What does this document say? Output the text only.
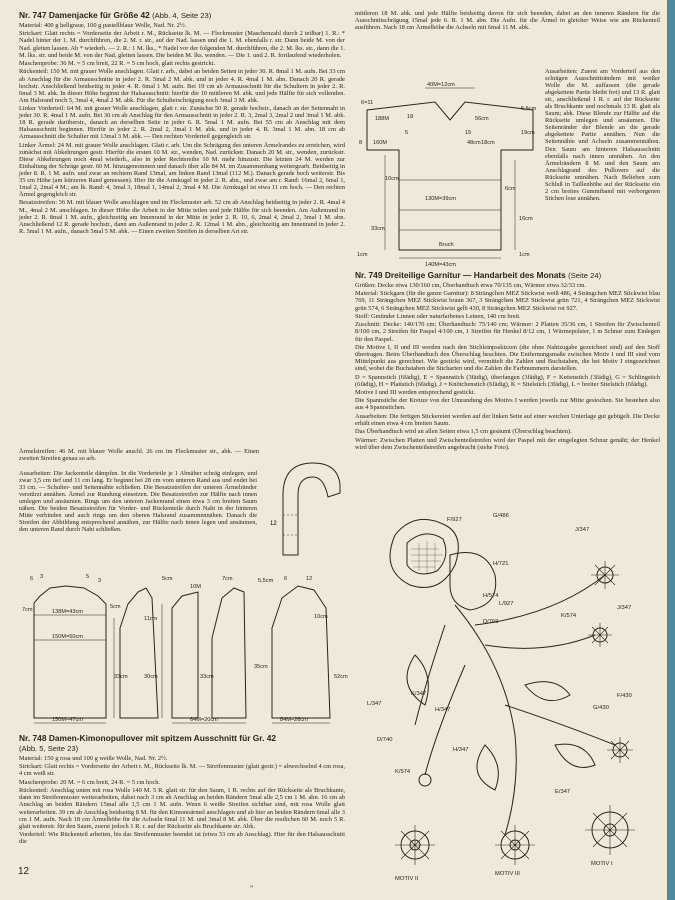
Nr. 747 Damenjacke für Größe 42 (Abb. 4, Seite 23)

Material: 400 g hellgraue, 100 g pastellblaue Wolle, Nad. Nr. 2½.

Strickart: Glatt rechts = Vorderseite der Arbeit r. M., Rückseite lk. M. — Fleckmuster (Maschenzahl durch 2 teilbar) 1. R.: * Nadel hinter der 1. M. durchführen, die 2. M. r. str., auf der Nad. lassen und die 1. M. ebenfalls r. str. Dann beide M. von der Nad. gleiten lassen. Ab * wiederh. — 2. R.: 1 M. lks., * Nadel vor der folgenden M. durchführen, die 2. M. lks. str., dann die 1. M. lks. str. und beide M. von der Nad. gleiten lassen. Die beiden M. lks. wenden. — Die 1. und 2. R. fortlaufend wiederholen.

Maschenprobe: 36 M. = 5 cm breit, 22 R. = 5 cm hoch, glatt rechts gestrickt.

Rückenteil: 150 M. mit grauer Wolle anschlagen. Glatt r. arb., dabei an beiden Seiten in jeder 30. R. 8mal 1 M. aufn. Bei 33 cm ab Anschlag für die Armausschnitte in jeder 2. R. 5mal 2 M. abk. und in jeder 4. R. 4mal 1 M. abn. Danach 20 R. gerade hochstr. Anschließend beidseitig in jeder 4. R. 6mal 1 M. aufn. Bei 19 cm ab Armausschnitt für die Schultern in jeder 2. R. 6mal 3 M. abk. In dieser Höhe beginnt der Halsausschnitt: hierfür die 10 mittleren M. abk. und jede Hälfte für sich vollenden. Am Halsrand noch 5, 3mal 4, 4mal 2 M. abk. Für die Schulterschrägung noch 3mal 3 M. abk.

Linker Vorderteil: 64 M. mit grauer Wolle anschlagen, glatt r. str. Zunächst 50 R. gerade hochstr., danach an der Seitennaht in jeder 30. R. 4mal 1 M. aufn. Bei 30 cm ab Anschlag für den Armausschnitt in jeder 2. R. 3, 2mal 3, 2mal 2 und 3mal 1 M. abk. 18 R. gerade darüberstr., danach an derselben Seite in jeder 6. R. 5mal 1 M. aufn. Bei 55 cm ab Anschlag mit dem Halsausschnitt beginnen. Hierfür in jeder 2. R. 2mal 2, 3mal 1 M. abk. und in jeder 4. R. 3mal 1 M. abn. 18 cm ab Armausschnitt die Schulter mit 13mal 3 M. abk. — Den rechten Vorderteil gegengleich str.

Linker Ärmel: 24 M. mit grauer Wolle anschlagen. Glatt r. arb. Um die Schrägung des unteren Ärmelrandes zu erreichen, wird zunächst mit Abkehrungen gestr. Hierfür die ersten 10 M. str., wenden, Nad. zurückstr. Danach 20 M. str., wenden, zurückstr. Diese Abkehrungen noch 4mal wiederh., also in jeder Rechtsreihe 10 M. mehr hinzustr. Die letzten 24 M. werden zur Einhaltung der Schräge gestr. 60 M. hinzugenommen und danach über alle 84 M. im Zusammenhang weitergearb. Beidseitig in jeder 8. R. 1 M. aufn. und zwar an rechtem Rand 13mal, am linken Rand 13mal (112 M.). Danach gerade hoch weiterstr. Bis 35 cm Höhe (am kürzeren Rand gemessen). Hier für die Armkugel in jeder 2. R. abn., und zwar am r. Rand: 16mal 2, 6mal 1, 1mal 2, 2mal 4 M.; am lk. Rand: 4, 3mal 3, 18mal 1, 14mal 2, 3mal 4 M. Die Armkugel ist etwa 11 cm hoch. — Den rechten Ärmel gegengleich str.

Besatzstreifen: 36 M. mit blauer Wolle anschlagen und im Fleckmuster arb. 52 cm ab Anschlag beidseitig in jeder 2. R. 4mal 4 M., 4mal 2 M. anschlagen. In dieser Höhe die Arbeit in der Mitte teilen und jede Hälfte für sich beenden. Am Außenrand in jeder 2. R. 8mal 1 M. aufn., gleichzeitig am Innenrand in der Mitte in jeder 2. R. 10, 6, 2mal 4, 2mal 2, 3mal 1 M. abn. Anschließend 12 R. gerade hochstr., dann am Außenrand in jeder 2. R. 12mal 1 M. abn., gleichzeitig am Innenrand in jeder 2. R. 5mal 1 M. aufn., danach 5mal 5 M. abk. — Einen zweiten Streifen in derselben Art str.

Ärmelstreifen: 46 M. mit blauer Wolle anschl. 26 cm im Fleckmuster str., abk. — Einen zweiten Streifen genau so arb.

Ausarbeiten: Die Jackenteile dämpfen. In die Vorderteile je 1 Abnäher schräg einlegen, und zwar 3,5 cm tief und 11 cm lang. Er beginnt bei 28 cm vom unteren Rand aus und endet bei 33 cm. — Schulter- und Seitennähte schließen. Die Besatzstreifen der unteren Ärmelränder verstürzt annähen. Ärmel zur Rundung einsetzen. Die Besatzstreifen zur Hälfte nach innen umlegen und ansäumen. Rings um den unteren Jackenrand einen etwa 3 cm breiten Saum nähen. Die beiden Besatzstreifen für Vorder- und Rückenteile durch Naht in der hinteren Mitte verbinden und auch rings um den oberen Halsrand zusammennähen. Danach die Streifen der Abbildung entsprechend annähen, zur Hälfte nach innen legen und ansäumen, den unteren Rand durch Naht schließen.

12
6 3	5
3
7cm	138M=43cm
150M=50cm
5cm
33cm
11cm
30cm
150M=47cm
5cm
10M
33cm
7cm
64M=20cm
5,5cm 6	12
35cm
10cm
84M=26cm
52cm
Nr. 748 Damen-Kimonopullover mit spitzem Ausschnitt für Gr. 42
(Abb. 5, Seite 23)

Material: 150 g rosa und 100 g weiße Wolle, Nad. Nr. 2½.

Strickart: Glatt rechts = Vorderseite der Arbeit r. M., Rückseite lk. M. — Streifenmuster (glatt gestr.) = abwechselnd 4 cm rosa, 4 cm weiß str.

Maschenprobe: 20 M. = 6 cm breit, 24 R. = 5 cm hoch.

Rückenteil: Anschlag unten mit rosa Wolle 140 M. 5 R. glatt str. für den Saum, 1 R. rechts auf der Rückseite als Bruchkante, dann im Streifenmuster weiterarbeiten, dabei nach 3 cm ab Anschlag an beiden Rändern 5mal alle 2,5 cm 1 M. abn. 16 cm ab Anschlag an beiden Rändern 15mal alle 1,5 cm 1 M. aufn. Wenn 6 weiße Streifen sichtbar sind, mit rosa Wolle glatt weiterarbeiten. 39 cm ab Anschlag beidseitig 8 M. für den Kimonoärmel anschlagen und ab hier an beiden Rändern 6mal alle 3 cm 1 M. aufn. Nach 18 cm Ärmelhöhe für die Achseln 6mal 11 M. und 3mal 8 M. abk. Über die restlichen 60 M. noch 5 R. glatt weiterstr. für den Saum, zuerst jedoch 1 R. r. auf der Rückseite als Bruchkante str. Abk.

Vorderteil: Wie Rückenteil arbeiten, bis das Streifenmuster beendet ist (etwa 33 cm ab Anschlag). Hier für den Halsausschnitt die

mittleren 18 M. abk. und jede Hälfte beidseitig davon für sich beenden, dabei an den inneren Rändern für die Ausschnittschrägung 15mal jede 6. R. 1 M. abn. Die Aufn. für die Ärmel in gleicher Weise wie am Rückenteil ausführen. Nach 18 cm Ärmelhöhe die Achseln mit 6mal 11 M. abk.

Ausarbeiten: Zuerst am Vorderteil aus den schrägen Ausschnitträndern mit weißer Wolle die M. auffassen (die gerade abgekettete Partie bleibt frei) und 13 R. glatt str., anschließend 1 R. r. auf der Rückseite als Bruchkante und nochmals 13 R. glatt als Saum; abk. Diese Blende zur Hälfte auf die Rückseite umlegen und ansäumen. Die Seitenränder der Blende an die gerade abgekettete Partie annähen. Nun die Seitennähte und Achseln zusammennähen. Den Saum am hinteren Halsausschnitt ebenfalls nach innen umnähen. An den Ärmelrändern 8 M. und den Saum am Anschlagrand des Pullovers auf die Rückseite umnähen. Nach Belieben zum Schluß in Taillenhöhe auf der Rückseite ein 2 cm breites Gummiband mit verborgenen Stichen lose annähen.

40M=12cm
6=11
188M	18	56cm
160M
8
5
130M=39cm
15
18cm
48cm
19cm
33cm
16cm
Bruch
140M=43cm
1cm	1cm
5,5cm
10cm
6cm
Nr. 749 Dreiteilige Garnitur — Handarbeit des Monats (Seite 24)

Größen: Decke etwa 130/160 cm, Überhandtuch etwa 70/135 cm, Wärmer etwa 32/33 cm.

Material: Stickgarn (für die ganze Garnitur): 8 Strängchen MEZ Stickwist weiß 486, 4 Strängchen MEZ Stickwist blau 769, 11 Strängchen MEZ Stickwist braun 367, 3 Strängchen MEZ Stickwist grün 721, 4 Strängchen MEZ Stickwist grün 574, 6 Strängchen MEZ Stickwist gelb 430, 8 Strängchen MEZ Stickwist rot 927.

Stoff: Gmünder Linnen oder naturfarbenes Leinen, 140 cm breit.

Zuschnitt: Decke: 140/170 cm; Überhandtuch: 75/140 cm; Wärmer: 2 Platten 35/36 cm, 1 Streifen für Zwischenteil 8/100 cm, 2 Streifen für Paspel 4/100 cm, 1 Streifen für Henkel 8/12 cm, 1 Wärmepolster, 1 m Schnur zum Einlegen für den Paspel.

Die Motive I, II und III werden nach den Stichleinpsskizzen (die ohne Nahtzugabe gezeichnet sind) auf den Stoff übertragen. Beim Überhandtuch den Überschlag beachten. Die Entfernungsmaße zwischen Motiv I und III sind vom Mittelpunkt aus gerechnet. Wie gestickt wird, vermittelt die Zahlen und Buchstaben, die bei Motiv I eingezeichnet sind, wobei die Buchstaben die Sticharten und die Zahlen die Farbnummern darstellen.

D = Spannstich (6fädig), E = Spannstich (3fädig), überfangen (3fädig), F = Kettenstich (3fädig), G = Schlingstich (6fädig), H = Plattstich (6fädig), J = Knötchenstich (6fädig), K = Stielstich (3fädig), L = breiter Stielstich (6fädig).

Motive I und III werden entsprechend gestickt.

Die Spannstiche der Kreuze von der Umrandung des Motivs I werden jeweils zur Mitte gestochen. Sie bestehen also aus 4 Spannstichen.

Ausarbeiten: Die fertigen Stickereien werden auf der linken Seite auf einer weichen Unterlage gut gebügelt. Die Decke erhält einen etwa 4 cm breiten Saum.

Das Überhandtuch wird an allen Seiten etwa 1,5 cm gesäumt (Überschlag beachten).

Wärmer: Zwischen Platten und Zwischenteilstreifen wird der Paspel mit der eingelegten Schnur genäht; der Henkel wird über dem Zwischenteilstreifen angebracht (siehe Foto).

F/927
G/486
J/347
J/347
H/721
H/574
L/927
D/769
K/574
K/347
L/347
H/347
F/430
G/430
D/740
H/347
K/574
E/347
MOTIV I
MOTIV II
MOTIV III
12
"
